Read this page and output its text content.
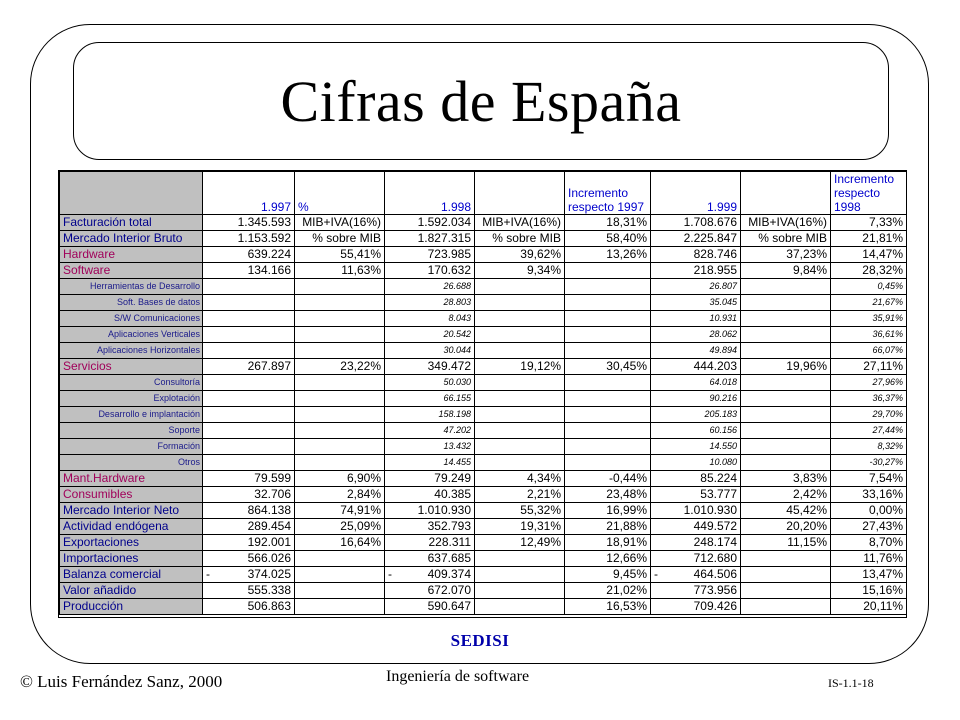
Cifras de España
	1.997	%	1.998		Incremento respecto 1997	1.999		Incremento respecto 1998
Facturación total	1.345.593	MIB+IVA(16%)	1.592.034	MIB+IVA(16%)	18,31%	1.708.676	MIB+IVA(16%)	7,33%
Mercado Interior Bruto	1.153.592	% sobre MIB	1.827.315	% sobre MIB	58,40%	2.225.847	% sobre MIB	21,81%
Hardware	639.224	55,41%	723.985	39,62%	13,26%	828.746	37,23%	14,47%
Software	134.166	11,63%	170.632	9,34%		218.955	9,84%	28,32%
Herramientas de Desarrollo			26.688			26.807		0,45%
Soft. Bases de datos			28.803			35.045		21,67%
S/W Comunicaciones			8.043			10.931		35,91%
Aplicaciones Verticales			20.542			28.062		36,61%
Aplicaciones Horizontales			30.044			49.894		66,07%
Servicios	267.897	23,22%	349.472	19,12%	30,45%	444.203	19,96%	27,11%
Consultoría			50.030			64.018		27,96%
Explotación			66.155			90.216		36,37%
Desarrollo e implantación			158.198			205.183		29,70%
Soporte			47.202			60.156		27,44%
Formación			13.432			14.550		8,32%
Otros			14.455			10.080		-30,27%
Mant.Hardware	79.599	6,90%	79.249	4,34%	-0,44%	85.224	3,83%	7,54%
Consumibles	32.706	2,84%	40.385	2,21%	23,48%	53.777	2,42%	33,16%
Mercado Interior Neto	864.138	74,91%	1.010.930	55,32%	16,99%	1.010.930	45,42%	0,00%
Actividad endógena	289.454	25,09%	352.793	19,31%	21,88%	449.572	20,20%	27,43%
Exportaciones	192.001	16,64%	228.311	12,49%	18,91%	248.174	11,15%	8,70%
Importaciones	566.026		637.685		12,66%	712.680		11,76%
Balanza comercial	- 374.025		- 409.374		9,45%	- 464.506		13,47%
Valor añadido	555.338		672.070		21,02%	773.956		15,16%
Producción	506.863		590.647		16,53%	709.426		20,11%
SEDISI
© Luis Fernández Sanz, 2000	Ingeniería de software	IS-1.1-18
